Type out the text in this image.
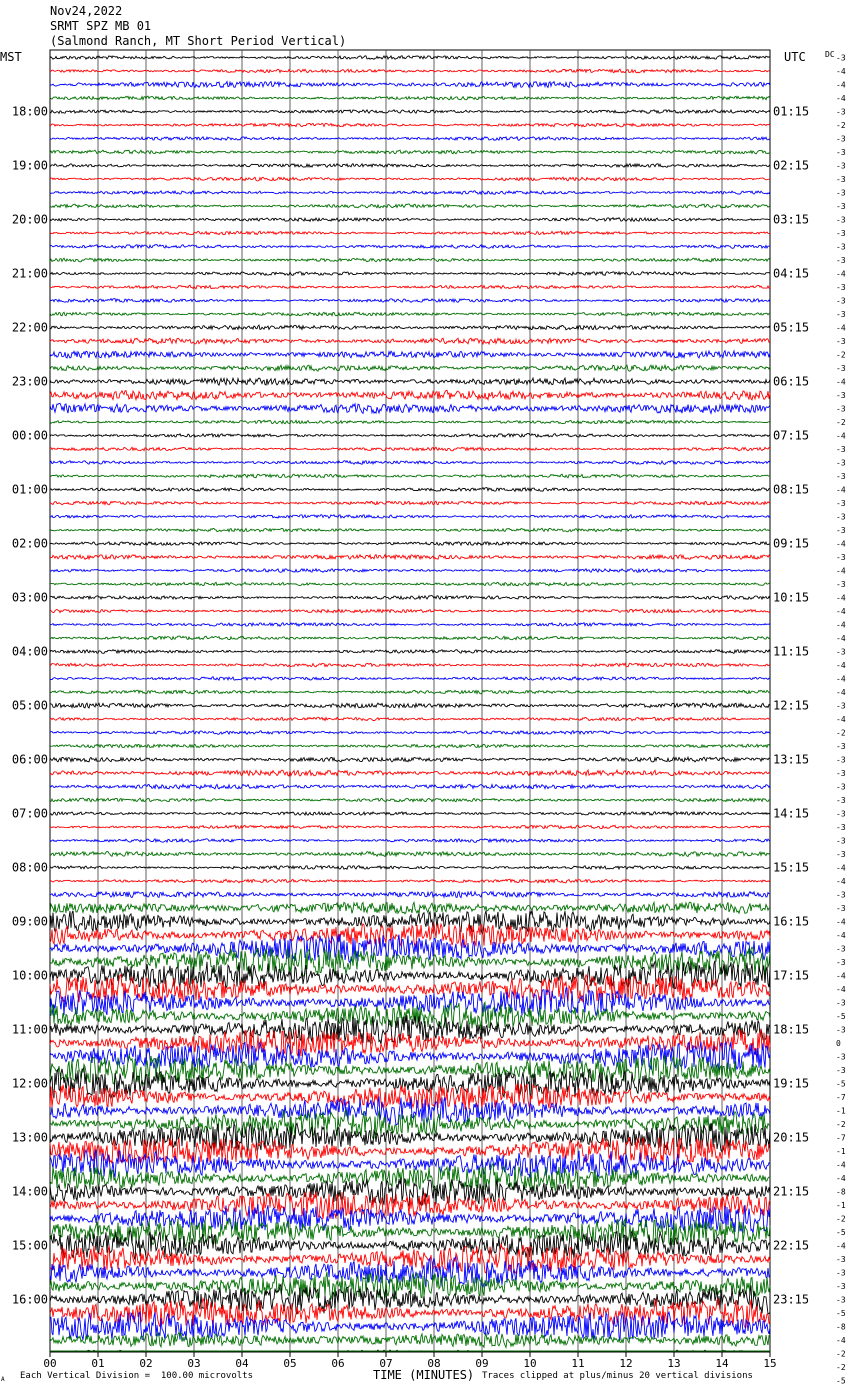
Nov24,2022
SRMT SPZ MB 01
(Salmond Ranch, MT Short Period Vertical)
MST	UTC DC
18:00
19:00
20:00
21:00
22:00
23:00
00:00
01:00
02:00
03:00
04:00
05:00
06:00
07:00
08:00
09:00
10:00
11:00
12:00
13:00
14:00
15:00
16:00
01:15
02:15
03:15
04:15
05:15
06:15
07:15
08:15
09:15
10:15
11:15
12:15
13:15
14:15
15:15
16:15
17:15
18:15
19:15
20:15
21:15
22:15
23:15
-3
-4
-4
-4
-3
-2
-3
-3
-3
-3
-3
-3
-3
-3
-3
-3
-4
-3
-3
-3
-4
-3
-2
-3
-4
-3
-3
-2
-4
-3
-3
-3
-4
-3
-3
-3
-4
-3
-4
-3
-4
-4
-4
-4
-3
-4
-4
-4
-3
-4
-2
-3
-3
-3
-3
-3
-3
-3
-3
-3
-4
-4
-3
-3
-4
-4
-3
-3
-4
-4
-3
-5
-3
0
-3
-3
-5
-7
-1
-2
-7
-1
-4
-4
-8
-1
-2
-5
-4
-3
-3
-3
-3
-5
-8
-4
-2
-2
-5
00	01	02	03	04	05	06	07	08	09	10	11	12	13	14	15
TIME (MINUTES)
Each Vertical Division =  100.00 microvolts	Traces clipped at plus/minus 20 vertical divisions
A
